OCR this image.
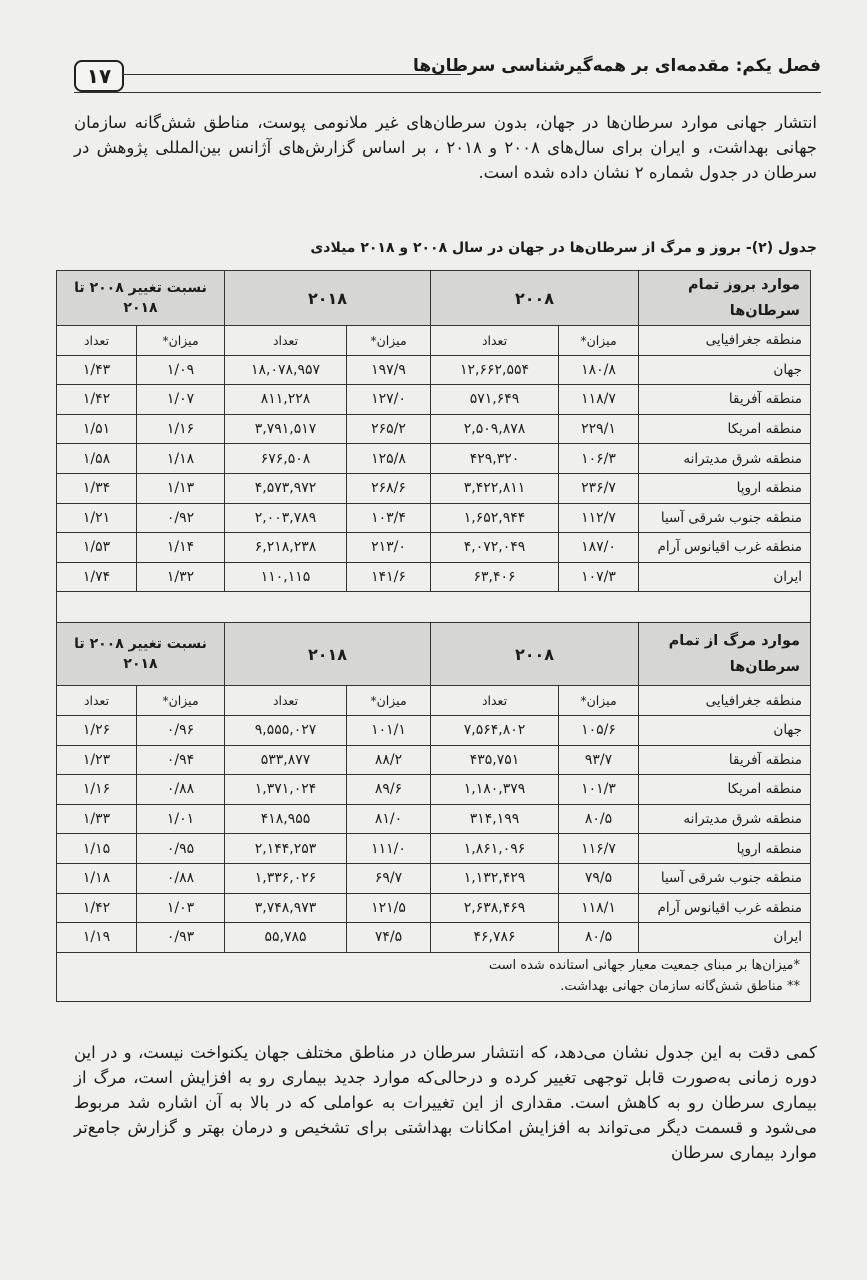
۱۷	فصل یکم: مقدمه‌ای بر همه‌گیرشناسی سرطان‌ها
انتشار جهانی موارد سرطان‌ها در جهان، بدون سرطان‌های غیر ملانومی پوست، مناطق شش‌گانه سازمان جهانی بهداشت، و ایران برای سال‌های ۲۰۰۸ و ۲۰۱۸ ، بر اساس گزارش‌های آژانس بین‌المللی پژوهش در سرطان در جدول شماره ۲ نشان داده شده است.
جدول (۲)- بروز و مرگ از سرطان‌ها در جهان در سال ۲۰۰۸ و ۲۰۱۸ میلادی
موارد بروز تمام سرطان‌ها	۲۰۰۸		۲۰۱۸		نسبت تغییر ۲۰۰۸ تا ۲۰۱۸	
منطقه جغرافیایی	میزان*	تعداد	میزان*	تعداد	میزان*	تعداد
جهان	۱۸۰/۸	۱۲,۶۶۲,۵۵۴	۱۹۷/۹	۱۸,۰۷۸,۹۵۷	۱/۰۹	۱/۴۳
منطقه آفریقا	۱۱۸/۷	۵۷۱,۶۴۹	۱۲۷/۰	۸۱۱,۲۲۸	۱/۰۷	۱/۴۲
منطقه امریکا	۲۲۹/۱	۲,۵۰۹,۸۷۸	۲۶۵/۲	۳,۷۹۱,۵۱۷	۱/۱۶	۱/۵۱
منطقه شرق مدیترانه	۱۰۶/۳	۴۲۹,۳۲۰	۱۲۵/۸	۶۷۶,۵۰۸	۱/۱۸	۱/۵۸
منطقه اروپا	۲۳۶/۷	۳,۴۲۲,۸۱۱	۲۶۸/۶	۴,۵۷۳,۹۷۲	۱/۱۳	۱/۳۴
منطقه جنوب شرقی آسیا	۱۱۲/۷	۱,۶۵۲,۹۴۴	۱۰۳/۴	۲,۰۰۳,۷۸۹	۰/۹۲	۱/۲۱
منطقه غرب اقیانوس آرام	۱۸۷/۰	۴,۰۷۲,۰۴۹	۲۱۳/۰	۶,۲۱۸,۲۳۸	۱/۱۴	۱/۵۳
ایران	۱۰۷/۳	۶۳,۴۰۶	۱۴۱/۶	۱۱۰,۱۱۵	۱/۳۲	۱/۷۴

موارد مرگ از تمام سرطان‌ها	۲۰۰۸		۲۰۱۸		نسبت تغییر ۲۰۰۸ تا ۲۰۱۸	
منطقه جغرافیایی	میزان*	تعداد	میزان*	تعداد	میزان*	تعداد
جهان	۱۰۵/۶	۷,۵۶۴,۸۰۲	۱۰۱/۱	۹,۵۵۵,۰۲۷	۰/۹۶	۱/۲۶
منطقه آفریقا	۹۳/۷	۴۳۵,۷۵۱	۸۸/۲	۵۳۳,۸۷۷	۰/۹۴	۱/۲۳
منطقه امریکا	۱۰۱/۳	۱,۱۸۰,۳۷۹	۸۹/۶	۱,۳۷۱,۰۲۴	۰/۸۸	۱/۱۶
منطقه شرق مدیترانه	۸۰/۵	۳۱۴,۱۹۹	۸۱/۰	۴۱۸,۹۵۵	۱/۰۱	۱/۳۳
منطقه اروپا	۱۱۶/۷	۱,۸۶۱,۰۹۶	۱۱۱/۰	۲,۱۴۴,۲۵۳	۰/۹۵	۱/۱۵
منطقه جنوب شرقی آسیا	۷۹/۵	۱,۱۳۲,۴۲۹	۶۹/۷	۱,۳۳۶,۰۲۶	۰/۸۸	۱/۱۸
منطقه غرب اقیانوس آرام	۱۱۸/۱	۲,۶۳۸,۴۶۹	۱۲۱/۵	۳,۷۴۸,۹۷۳	۱/۰۳	۱/۴۲
ایران	۸۰/۵	۴۶,۷۸۶	۷۴/۵	۵۵,۷۸۵	۰/۹۳	۱/۱۹

*میزان‌ها بر مبنای جمعیت معیار جهانی استانده شده است
** مناطق شش‌گانه سازمان جهانی بهداشت.						
کمی دقت به این جدول نشان می‌دهد، که انتشار سرطان در مناطق مختلف جهان یکنواخت نیست، و در این دوره زمانی به‌صورت قابل توجهی تغییر کرده و درحالی‌که موارد جدید بیماری رو به افزایش است، مرگ از بیماری سرطان رو به کاهش است. مقداری از این تغییرات به عواملی که در بالا به آن اشاره شد مربوط می‌شود و قسمت دیگر می‌تواند به افزایش امکانات بهداشتی برای تشخیص و درمان بهتر و گزارش جامع‌تر موارد بیماری سرطان
